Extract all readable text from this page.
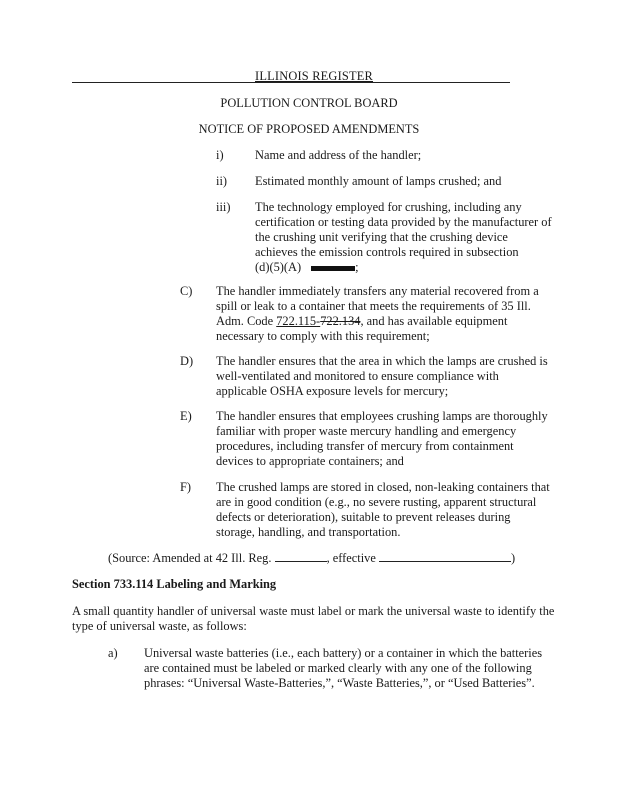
ILLINOIS REGISTER
POLLUTION CONTROL BOARD
NOTICE OF PROPOSED AMENDMENTS
i)	Name and address of the handler;
ii) Estimated monthly amount of lamps crushed; and
iii) The technology employed for crushing, including any
certification or testing data provided by the manufacturer of
the crushing unit verifying that the crushing device
achieves the emission controls required in subsection
(d)(5)(A)	;
C) The handler immediately transfers any material recovered from a
spill or leak to a container that meets the requirements of 35 Ill.
Adm. Code 722.115-722.134, and has available equipment
necessary to comply with this requirement;
D) The handler ensures that the area in which the lamps are crushed is
well-ventilated and monitored to ensure compliance with
applicable OSHA exposure levels for mercury;
E) The handler ensures that employees crushing lamps are thoroughly
familiar with proper waste mercury handling and emergency
procedures, including transfer of mercury from containment
devices to appropriate containers; and
F) The crushed lamps are stored in closed, non-leaking containers that
are in good condition (e.g., no severe rusting, apparent structural
defects or deterioration), suitable to prevent releases during
storage, handling, and transportation.
(Source: Amended at 42 Ill. Reg.	, effective	)
Section 733.114 Labeling and Marking
A small quantity handler of universal waste must label or mark the universal waste to identify the
type of universal waste, as follows:
a) Universal waste batteries (i.e., each battery) or a container in which the batteries
are contained must be labeled or marked clearly with any one of the following
phrases: “Universal Waste-Batteries,”, “Waste Batteries,”, or “Used Batteries”.
